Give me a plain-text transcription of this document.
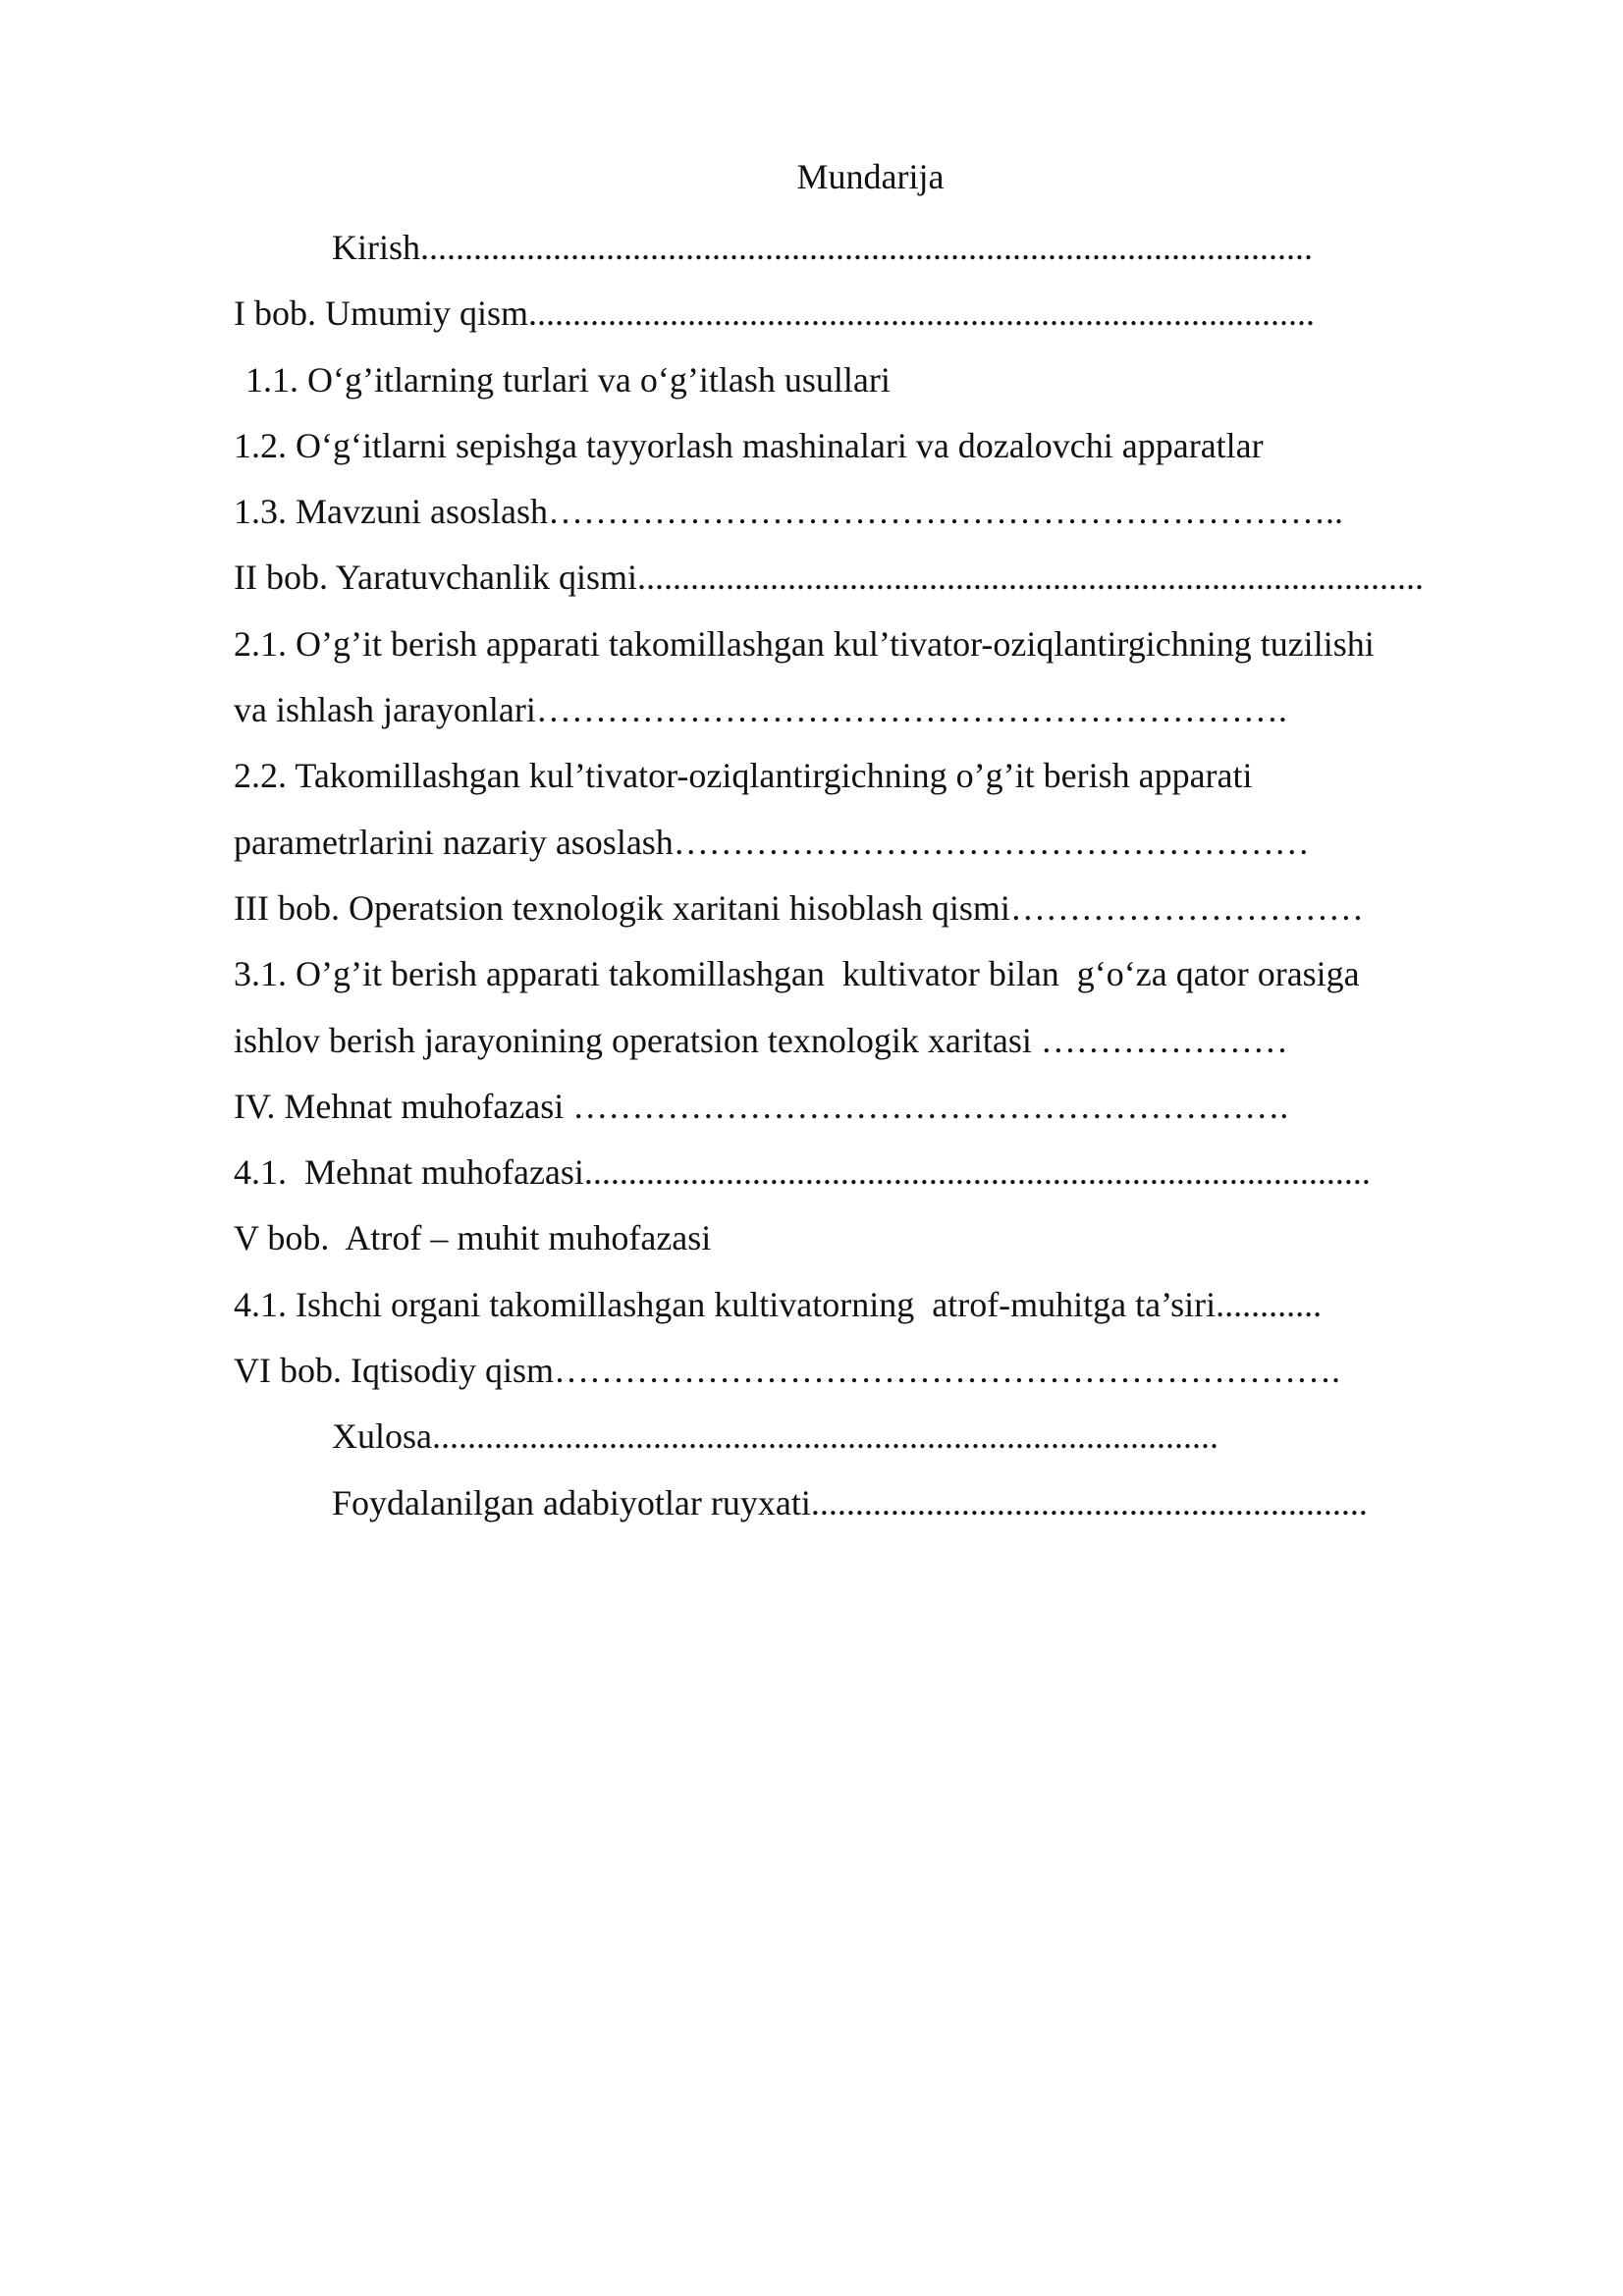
Mundarija
Kirish.....................................................................................................
I bob. Umumiy qism.........................................................................................
1.1. O‘g’itlarning turlari va o‘g’itlash usullari
1.2. O‘g‘itlarni sepishga tayyorlash mashinalari va dozalovchi apparatlar
1.3. Mavzuni asoslash…………………………………………………………..
II bob. Yaratuvchanlik qismi.........................................................................................
2.1. O’g’it berish apparati takomillashgan kul’tivator-oziqlantirgichning tuzilishi
va ishlash jarayonlari……………………………………………………….
2.2. Takomillashgan kul’tivator-oziqlantirgichning o’g’it berish apparati
parametrlarini nazariy asoslash………………………………………………
III bob. Operatsion texnologik xaritani hisoblash qismi…………………………
3.1. O’g’it berish apparati takomillashgan  kultivator bilan  g‘o‘za qator orasiga
ishlov berish jarayonining operatsion texnologik xaritasi …………………
IV. Mehnat muhofazasi …………………………………………………….
4.1.  Mehnat muhofazasi.........................................................................................
V bob.  Atrof – muhit muhofazasi
4.1. Ishchi organi takomillashgan kultivatorning  atrof-muhitga ta’siri............
VI bob. Iqtisodiy qism………………………………………………………….
Xulosa.........................................................................................
Foydalanilgan adabiyotlar ruyxati...............................................................
